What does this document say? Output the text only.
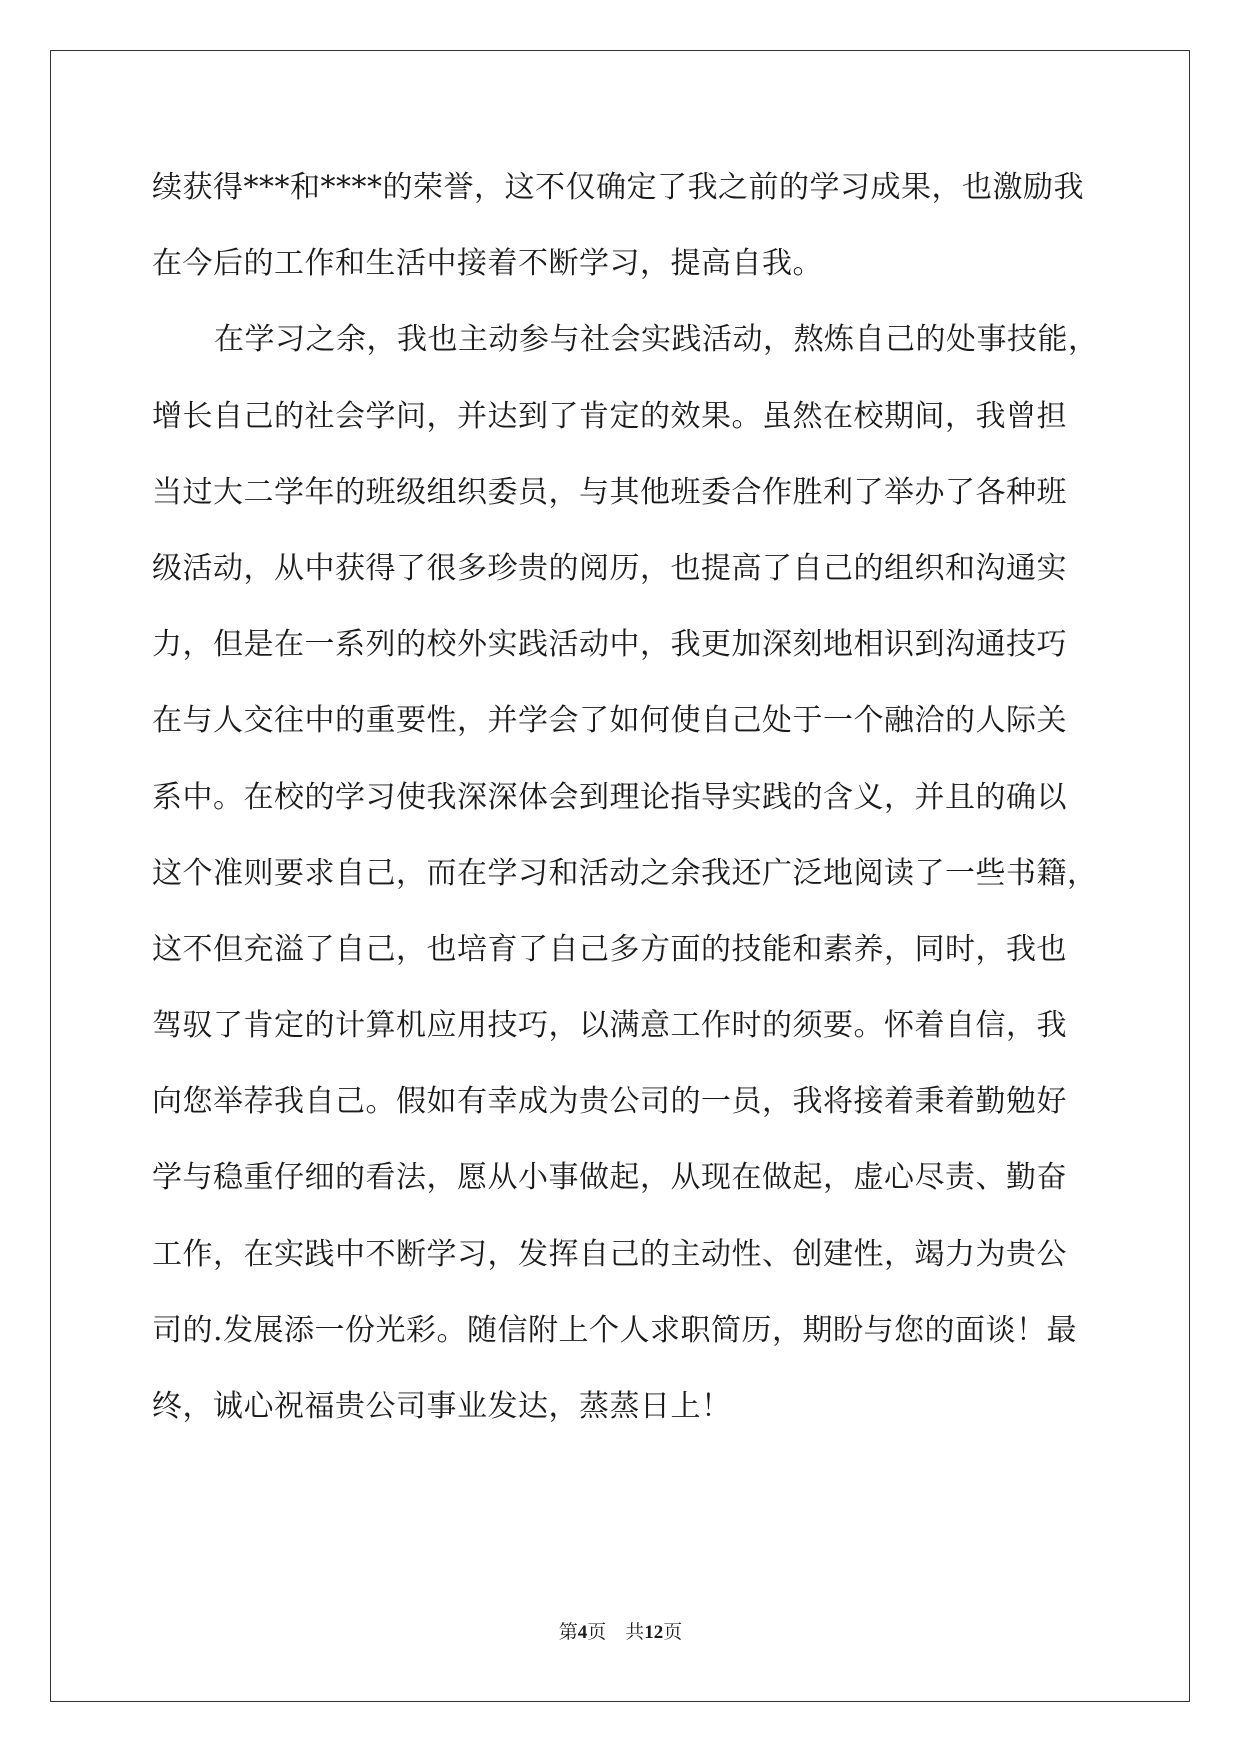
续获得***和****的荣誉，这不仅确定了我之前的学习成果，也激励我
在今后的工作和生活中接着不断学习，提高自我。
在学习之余，我也主动参与社会实践活动，熬炼自己的处事技能，
增长自己的社会学问，并达到了肯定的效果。虽然在校期间，我曾担
当过大二学年的班级组织委员，与其他班委合作胜利了举办了各种班
级活动，从中获得了很多珍贵的阅历，也提高了自己的组织和沟通实
力，但是在一系列的校外实践活动中，我更加深刻地相识到沟通技巧
在与人交往中的重要性，并学会了如何使自己处于一个融洽的人际关
系中。在校的学习使我深深体会到理论指导实践的含义，并且的确以
这个准则要求自己，而在学习和活动之余我还广泛地阅读了一些书籍，
这不但充溢了自己，也培育了自己多方面的技能和素养，同时，我也
驾驭了肯定的计算机应用技巧，以满意工作时的须要。怀着自信，我
向您举荐我自己。假如有幸成为贵公司的一员，我将接着秉着勤勉好
学与稳重仔细的看法，愿从小事做起，从现在做起，虚心尽责、勤奋
工作，在实践中不断学习，发挥自己的主动性、创建性，竭力为贵公
司的.发展添一份光彩。随信附上个人求职简历，期盼与您的面谈！最
终，诚心祝福贵公司事业发达，蒸蒸日上！
第4页　共12页
